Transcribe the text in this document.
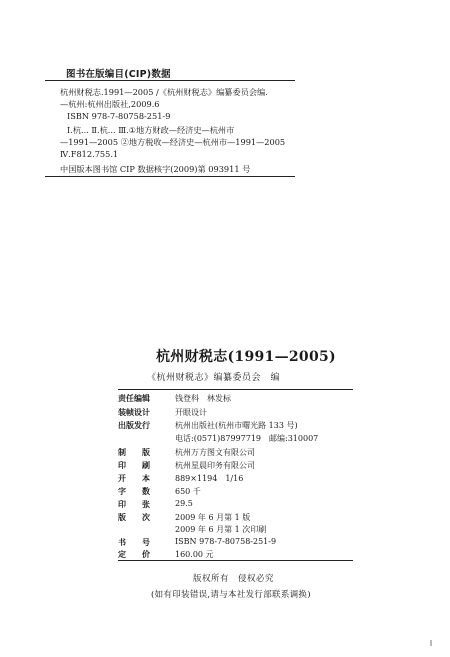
图书在版编目(CIP)数据
杭州财税志.1991—2005 /《杭州财税志》编纂委员会编.
—杭州:杭州出版社,2009.6
ISBN 978-7-80758-251-9
Ⅰ.杭... Ⅱ.杭... Ⅲ.①地方财政—经济史—杭州市
—1991—2005 ②地方税收—经济史—杭州市—1991—2005
Ⅳ.F812.755.1
中国版本图书馆 CIP 数据核字(2009)第 093911 号
杭州财税志(1991—2005)
《杭州财税志》编纂委员会　编
责任编辑	钱登科　林发标
装帧设计	开眼设计
出版发行	杭州出版社(杭州市曙光路 133 号)
电话:(0571)87997719　邮编:310007
制　　版	杭州万方图文有限公司
印　　刷	杭州星晨印务有限公司
开　　本	889×1194　1/16
字　　数	650 千
印　　张	29.5
版　　次	2009 年 6 月第 1 版
2009 年 6 月第 1 次印刷
书　　号	ISBN 978-7-80758-251-9
定　　价	160.00 元
版权所有　侵权必究
(如有印装错误,请与本社发行部联系调换)
